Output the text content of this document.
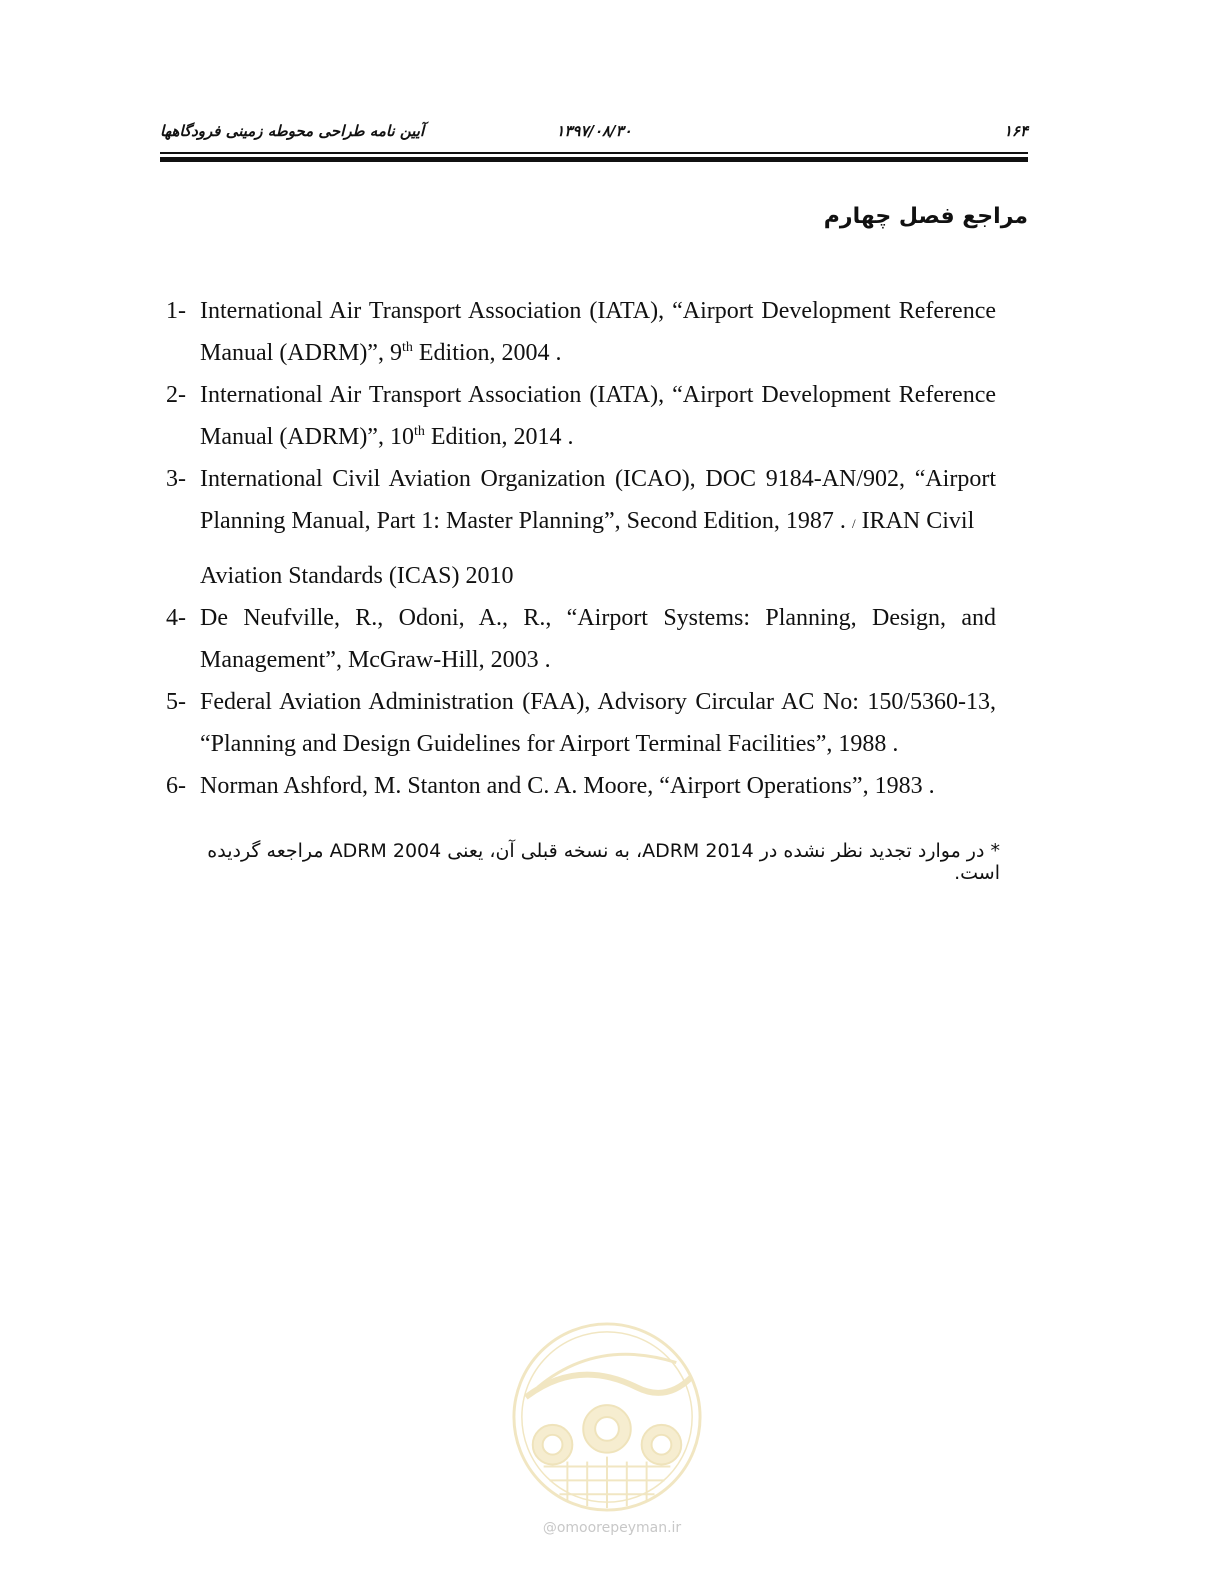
آیین نامه طراحی محوطه زمینی فرودگاهها	۱۳۹۷/۰۸/۳۰	۱۶۴
مراجع فصل چهارم
1- International Air Transport Association (IATA), “Airport Development Reference Manual (ADRM)”, 9th Edition, 2004 .
2- International Air Transport Association (IATA), “Airport Development Reference Manual (ADRM)”, 10th Edition, 2014 .
3- International Civil Aviation Organization (ICAO), DOC 9184-AN/902, “Airport Planning Manual, Part 1: Master Planning”, Second Edition, 1987 . / IRAN Civil
Aviation Standards (ICAS) 2010
4- De Neufville, R., Odoni, A., R., “Airport Systems: Planning, Design, and Management”, McGraw-Hill, 2003 .
5- Federal Aviation Administration (FAA), Advisory Circular AC No: 150/5360-13, “Planning and Design Guidelines for Airport Terminal Facilities”, 1988 .
6- Norman Ashford, M. Stanton and C. A. Moore, “Airport Operations”, 1983 .
* در موارد تجدید نظر نشده در ADRM 2014، به نسخه قبلی آن، یعنی ADRM 2004 مراجعه گردیده است.
@omoorepeyman.ir
